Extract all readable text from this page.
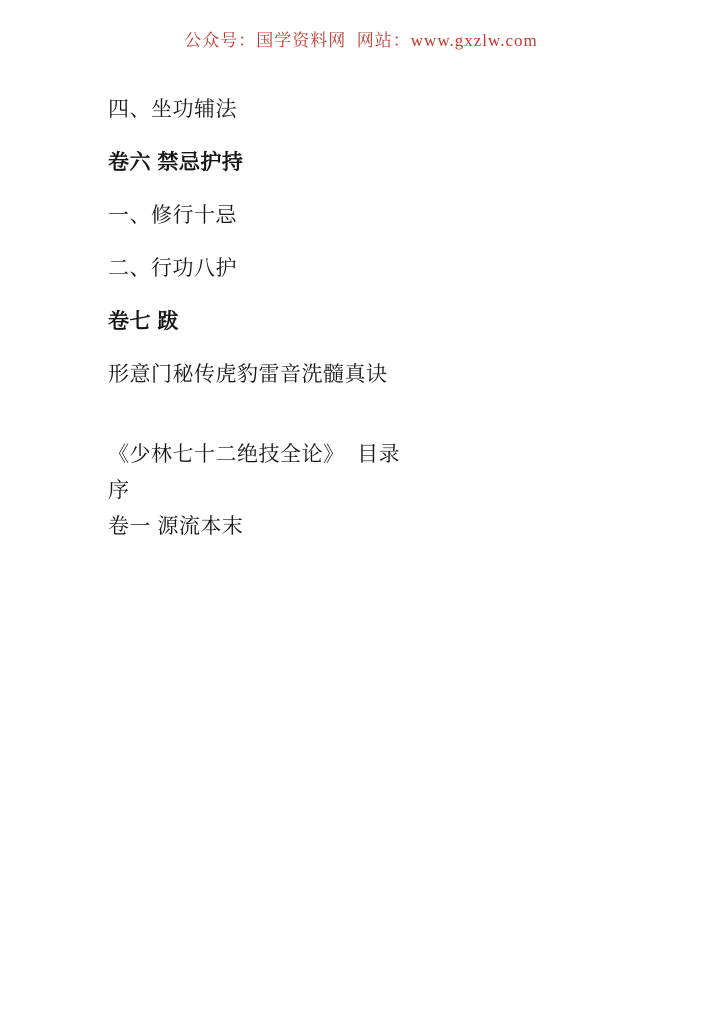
公众号：国学资料网  网站：www.gxzlw.com
四、坐功辅法
卷六 禁忌护持
一、修行十忌
二、行功八护
卷七 跋
形意门秘传虎豹雷音洗髓真诀
《少林七十二绝技全论》  目录
序
卷一 源流本末
